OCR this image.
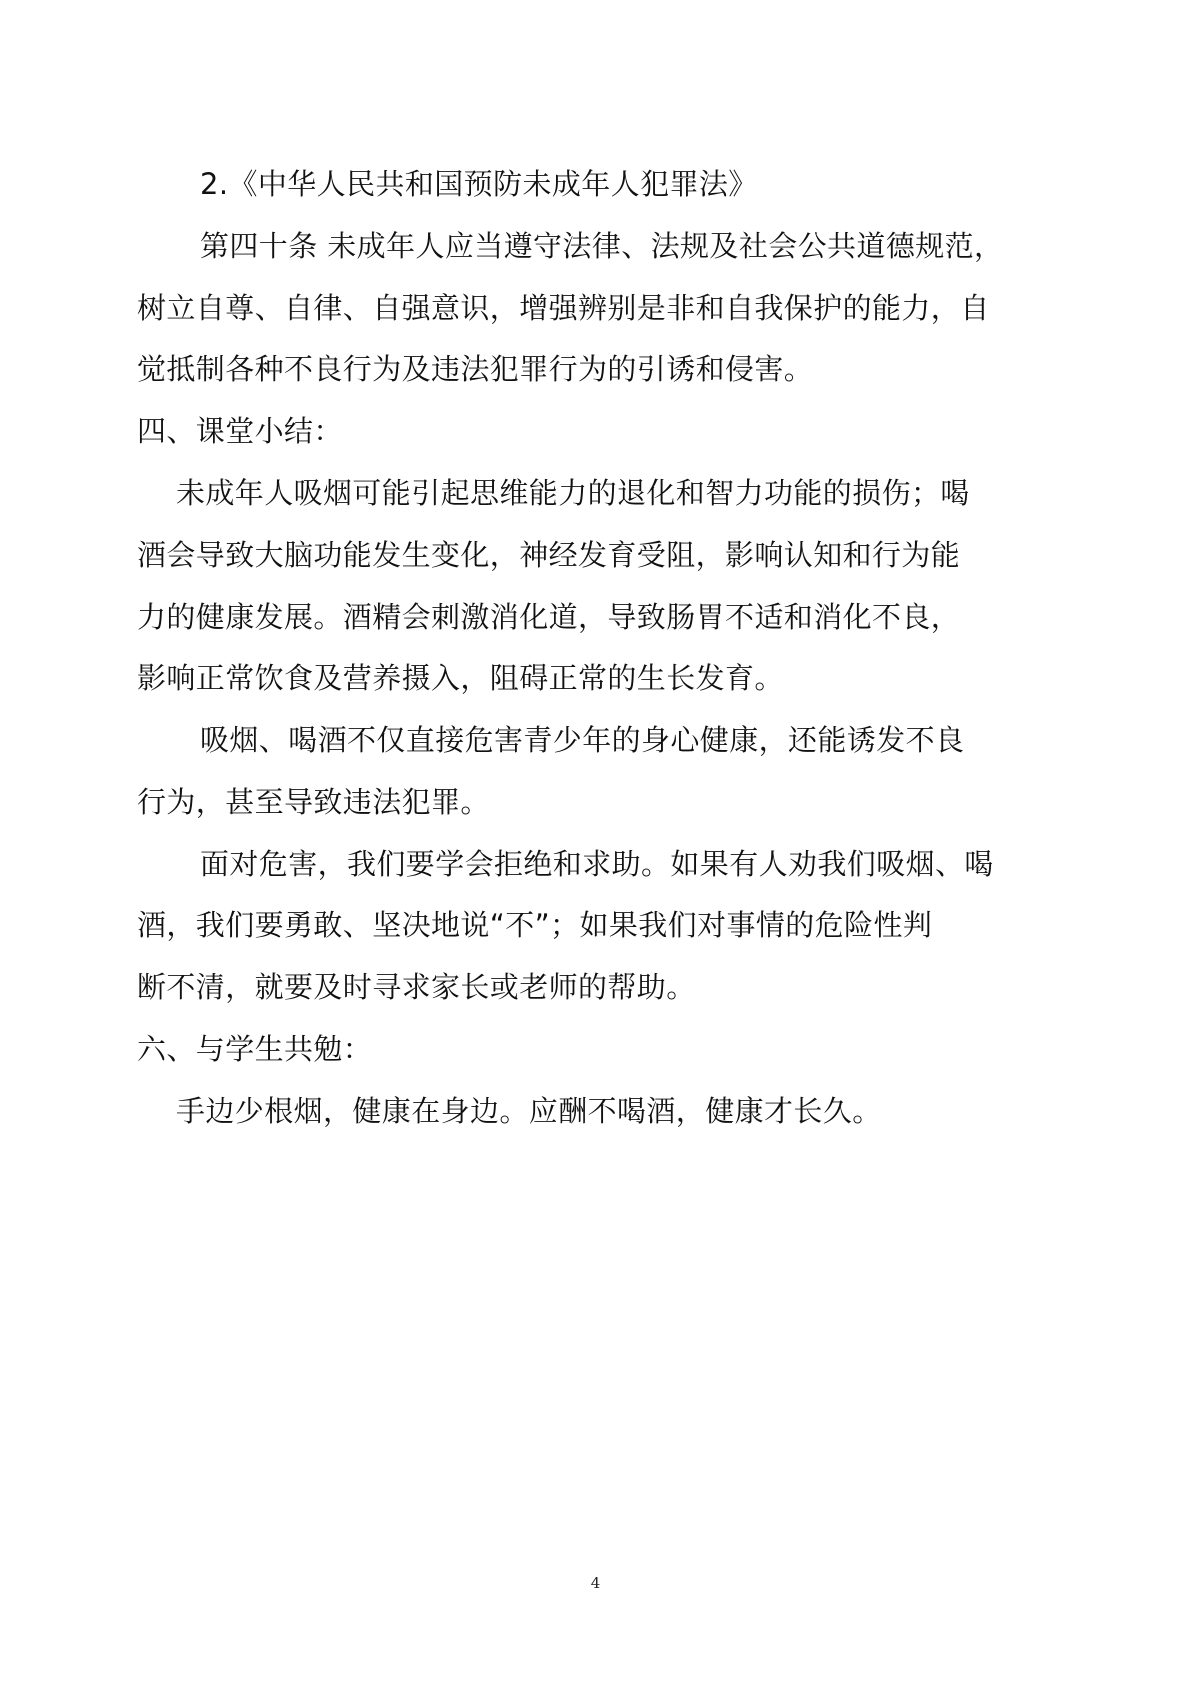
2.《中华人民共和国预防未成年人犯罪法》
第四十条 未成年人应当遵守法律、法规及社会公共道德规范，
树立自尊、自律、自强意识，增强辨别是非和自我保护的能力，自
觉抵制各种不良行为及违法犯罪行为的引诱和侵害。
四、课堂小结：
未成年人吸烟可能引起思维能力的退化和智力功能的损伤；喝
酒会导致大脑功能发生变化，神经发育受阻，影响认知和行为能
力的健康发展。酒精会刺激消化道，导致肠胃不适和消化不良，
影响正常饮食及营养摄入，阻碍正常的生长发育。
吸烟、喝酒不仅直接危害青少年的身心健康，还能诱发不良
行为，甚至导致违法犯罪。
面对危害，我们要学会拒绝和求助。如果有人劝我们吸烟、喝
酒，我们要勇敢、坚决地说“不”；如果我们对事情的危险性判
断不清，就要及时寻求家长或老师的帮助。
六、与学生共勉：
手边少根烟，健康在身边。应酬不喝酒，健康才长久。
4
